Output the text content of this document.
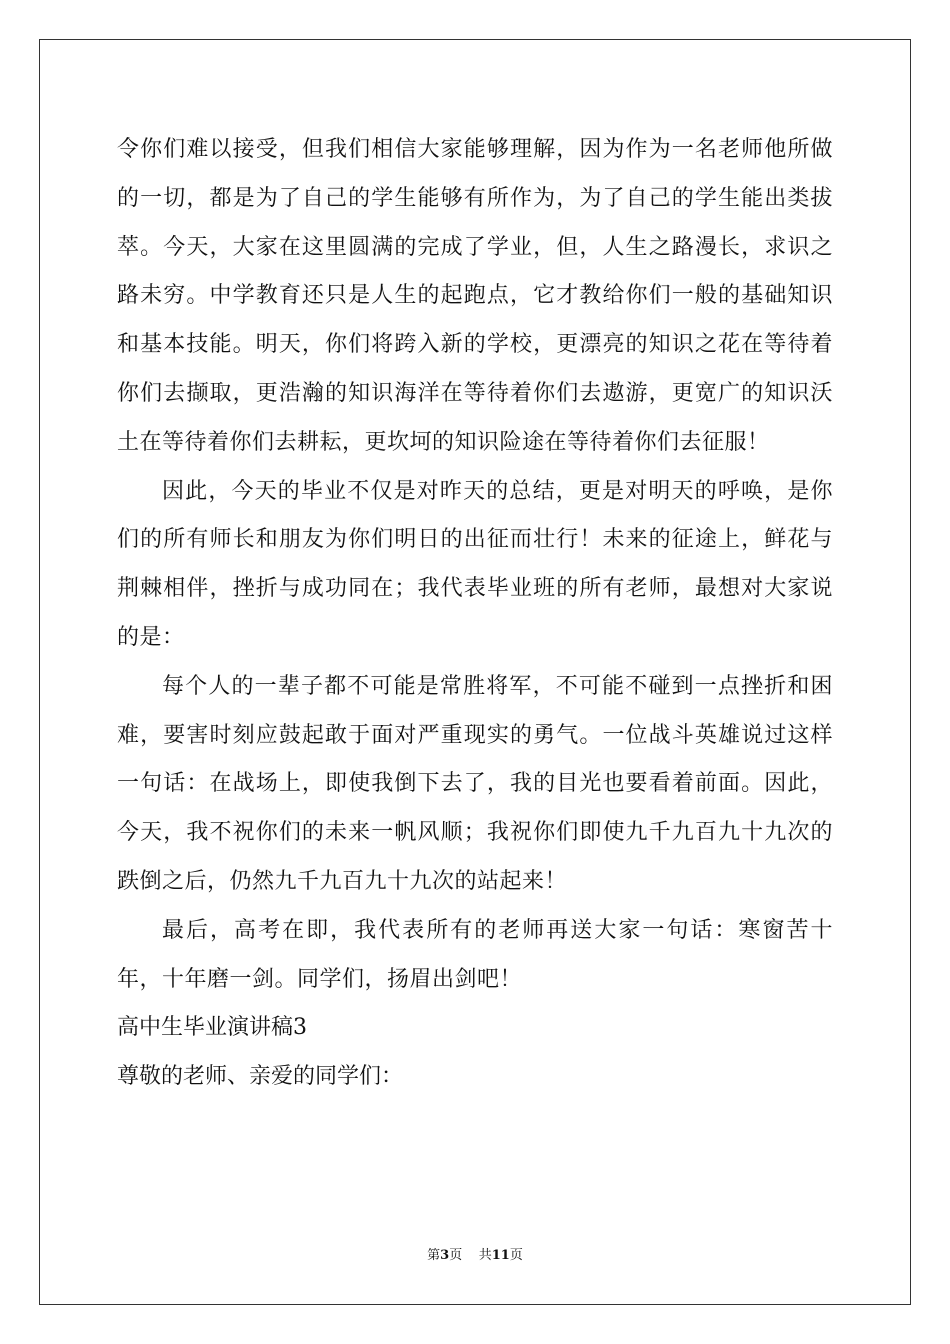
令你们难以接受，但我们相信大家能够理解，因为作为一名老师他所做的一切，都是为了自己的学生能够有所作为，为了自己的学生能出类拔萃。今天，大家在这里圆满的完成了学业，但，人生之路漫长，求识之路未穷。中学教育还只是人生的起跑点，它才教给你们一般的基础知识和基本技能。明天，你们将跨入新的学校，更漂亮的知识之花在等待着你们去撷取，更浩瀚的知识海洋在等待着你们去遨游，更宽广的知识沃土在等待着你们去耕耘，更坎坷的知识险途在等待着你们去征服！

因此，今天的毕业不仅是对昨天的总结，更是对明天的呼唤，是你们的所有师长和朋友为你们明日的出征而壮行！未来的征途上，鲜花与荆棘相伴，挫折与成功同在；我代表毕业班的所有老师，最想对大家说的是：

每个人的一辈子都不可能是常胜将军，不可能不碰到一点挫折和困难，要害时刻应鼓起敢于面对严重现实的勇气。一位战斗英雄说过这样一句话：在战场上，即使我倒下去了，我的目光也要看着前面。因此，今天，我不祝你们的未来一帆风顺；我祝你们即使九千九百九十九次的跌倒之后，仍然九千九百九十九次的站起来！

最后，高考在即，我代表所有的老师再送大家一句话：寒窗苦十年，十年磨一剑。同学们，扬眉出剑吧！

高中生毕业演讲稿3

尊敬的老师、亲爱的同学们：

第3页 共11页
